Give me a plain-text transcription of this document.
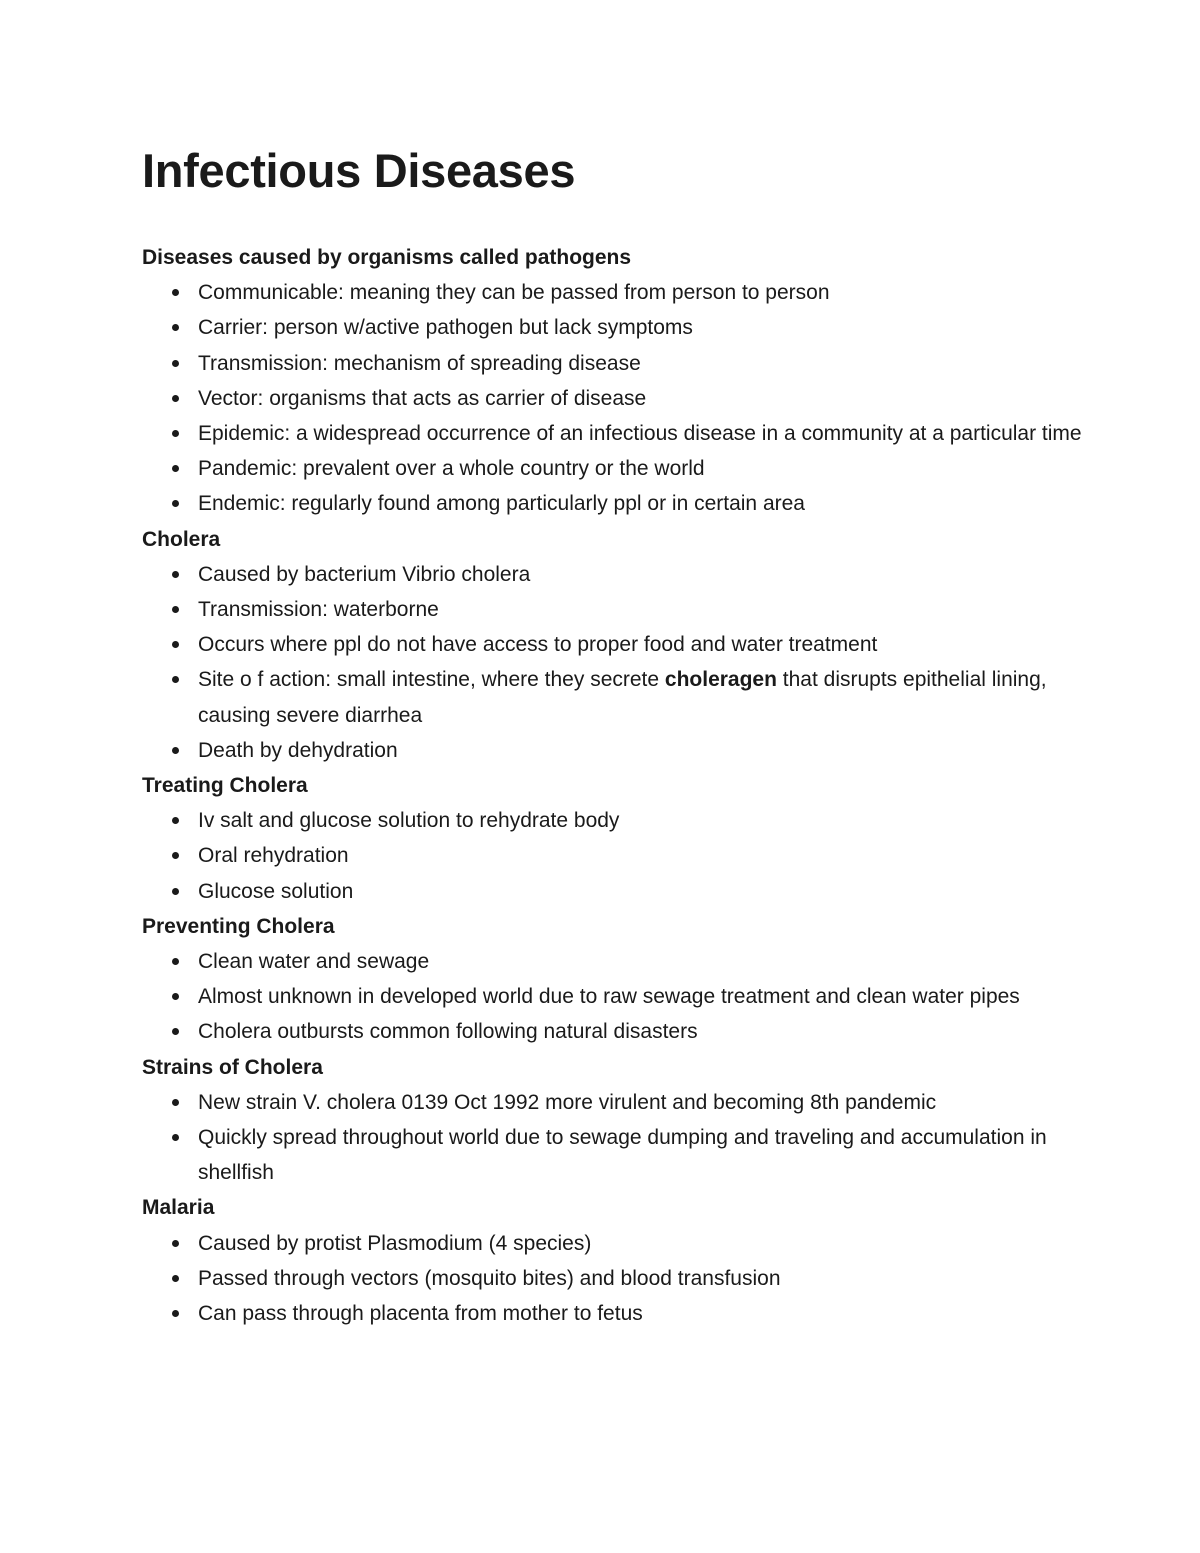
Infectious Diseases
Diseases caused by organisms called pathogens
Communicable: meaning they can be passed from person to person
Carrier: person w/active pathogen but lack symptoms
Transmission: mechanism of spreading disease
Vector: organisms that acts as carrier of disease
Epidemic: a widespread occurrence of an infectious disease in a community at a particular time
Pandemic: prevalent over a whole country or the world
Endemic: regularly found among particularly ppl or in certain area
Cholera
Caused by bacterium Vibrio cholera
Transmission: waterborne
Occurs where ppl do not have access to proper food and water treatment
Site o f action: small intestine, where they secrete choleragen that disrupts epithelial lining, causing severe diarrhea
Death by dehydration
Treating Cholera
Iv salt and glucose solution to rehydrate body
Oral rehydration
Glucose solution
Preventing Cholera
Clean water and sewage
Almost unknown in developed world due to raw sewage treatment and clean water pipes
Cholera outbursts common following natural disasters
Strains of Cholera
New strain V. cholera 0139 Oct 1992 more virulent and becoming 8th pandemic
Quickly spread throughout world due to sewage dumping and traveling and accumulation in shellfish
Malaria
Caused by protist Plasmodium (4 species)
Passed through vectors (mosquito bites) and blood transfusion
Can pass through placenta from mother to fetus
